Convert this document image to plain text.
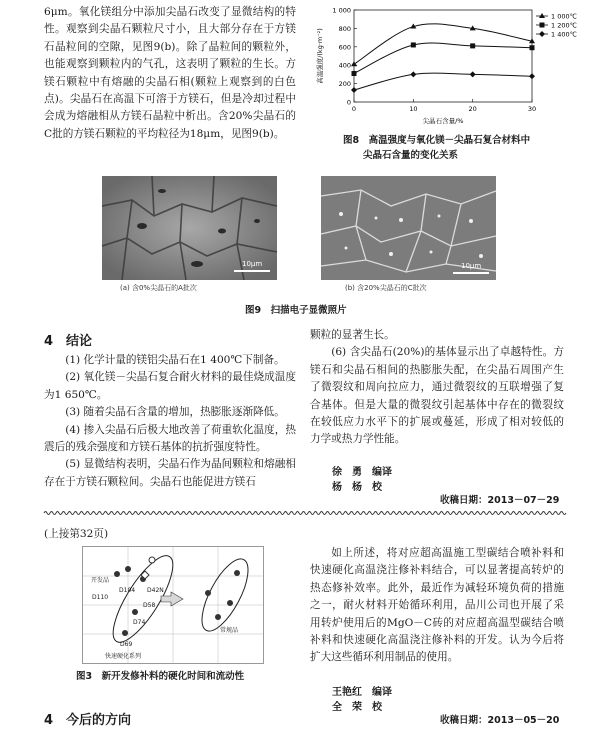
6μm。氧化镁组分中添加尖晶石改变了显微结构的特性。观察到尖晶石颗粒尺寸小，且大部分存在于方镁石晶粒间的空隙，见图9(b)。除了晶粒间的颗粒外，也能观察到颗粒内的气孔，这表明了颗粒的生长。方镁石颗粒中有熔融的尖晶石相(颗粒上观察到的白色点)。尖晶石在高温下可溶于方镁石，但是冷却过程中会成为熔融相从方镁石晶粒中析出。含20%尖晶石的C批的方镁石颗粒的平均粒径为18μm，见图9(b)。

0
200
400
600
800
1 000
0	10	20	30
尖晶石含量/%
高温强度/(kg·m⁻²)
1 000℃
1 200℃
1 400℃
图8　高温强度与氧化镁－尖晶石复合材料中
尖晶石含量的变化关系
10μm	10μm
(a) 含0%尖晶石的A批次	(b) 含20%尖晶石的C批次
图9　扫描电子显微照片
4　结论

(1) 化学计量的镁铝尖晶石在1 400℃下制备。

(2) 氧化镁－尖晶石复合耐火材料的最佳烧成温度为1 650℃。

(3) 随着尖晶石含量的增加，热膨胀逐渐降低。

(4) 掺入尖晶石后极大地改善了荷重软化温度，热震后的残余强度和方镁石基体的抗折强度特性。

(5) 显微结构表明，尖晶石作为晶间颗粒和熔融相存在于方镁石颗粒间。尖晶石也能促进方镁石

颗粒的显著生长。

(6) 含尖晶石(20%)的基体显示出了卓越特性。方镁石和尖晶石相间的热膨胀失配，在尖晶石周围产生了微裂纹和周向拉应力，通过微裂纹的互联增强了复合基体。但是大量的微裂纹引起基体中存在的微裂纹在较低应力水平下的扩展或蔓延，形成了相对较低的力学或热力学性能。

徐　勇　编译
杨　杨　校
收稿日期：2013－07－29
(上接第32页)
开发品
常规品
快速硬化系列
D110
D104 D42N
D58
D74
D69
图3　新开发修补料的硬化时间和流动性

如上所述，将对应超高温施工型碳结合喷补料和快速硬化高温浇注修补料结合，可以显著提高转炉的热态修补效率。此外，最近作为减轻环境负荷的措施之一，耐火材料开始循环利用，品川公司也开展了采用转炉使用后的MgO－C砖的对应超高温型碳结合喷补料和快速硬化高温浇注修补料的开发。认为今后将扩大这些循环利用制品的使用。

王艳红　编译
全　荣　校
收稿日期：2013－05－20
4　今后的方向
